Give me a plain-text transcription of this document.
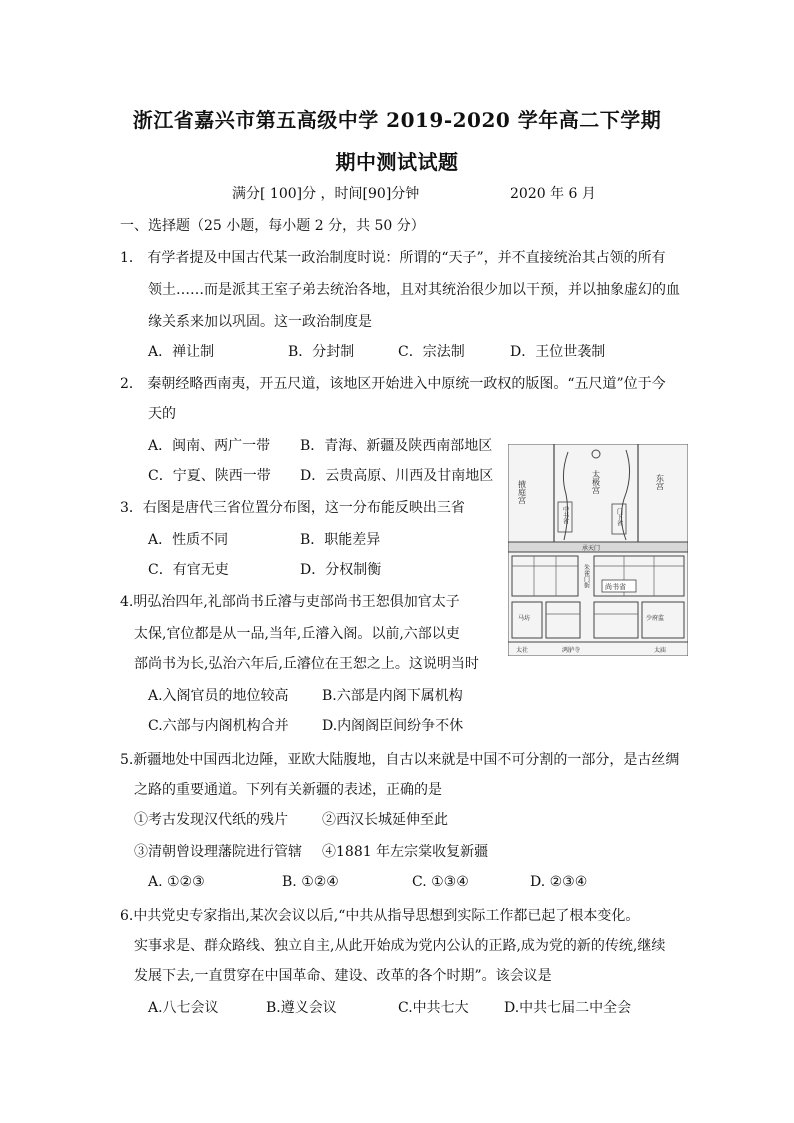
浙江省嘉兴市第五高级中学 2019-2020 学年高二下学期
期中测试试题
满分[ 100]分 ，时间[90]分钟	2020 年 6 月
一、选择题（25 小题，每小题 2 分，共 50 分）
1． 有学者提及中国古代某一政治制度时说：所谓的“天子”，并不直接统治其占领的所有
领土……而是派其王室子弟去统治各地，且对其统治很少加以干预，并以抽象虚幻的血
缘关系来加以巩固。这一政治制度是
A．禅让制	B．分封制	C．宗法制	D．王位世袭制
2． 秦朝经略西南夷，开五尺道，该地区开始进入中原统一政权的版图。“五尺道”位于今
天的
A．闽南、两广一带 B．青海、新疆及陕西南部地区
C．宁夏、陕西一带 D．云贵高原、川西及甘南地区
3．右图是唐代三省位置分布图，这一分布能反映出三省
A．性质不同	B．职能差异
C．有官无吏	D．分权制衡
4.明弘治四年,礼部尚书丘濬与吏部尚书王恕俱加官太子
太保,官位都是从一品,当年,丘濬入阁。以前,六部以吏
部尚书为长,弘治六年后,丘濬位在王恕之上。这说明当时
A.入阁官员的地位较高 B.六部是内阁下属机构
C.六部与内阁机构合并 D.内阁阁臣间纷争不休
5.新疆地处中国西北边陲，亚欧大陆腹地，自古以来就是中国不可分割的一部分，是古丝绸
之路的重要通道。下列有关新疆的表述，正确的是
①考古发现汉代纸的残片 ②西汉长城延伸至此
③清朝曾设理藩院进行管辖 ④1881 年左宗棠收复新疆
A. ①②③	B. ①②④	C. ①③④	D. ②③④
6.中共党史专家指出,某次会议以后,“中共从指导思想到实际工作都已起了根本变化。
实事求是、群众路线、独立自主,从此开始成为党内公认的正路,成为党的新的传统,继续
发展下去,一直贯穿在中国革命、建设、改革的各个时期”。该会议是
A.八七会议	B.遵义会议	C.中共七大	D.中共七届二中全会
掖庭宫	太极宫	东宫
中书省	门下省
承天门
尚书省
朱雀门街
马坊	少府监
太社	鸿胪寺	太庙
